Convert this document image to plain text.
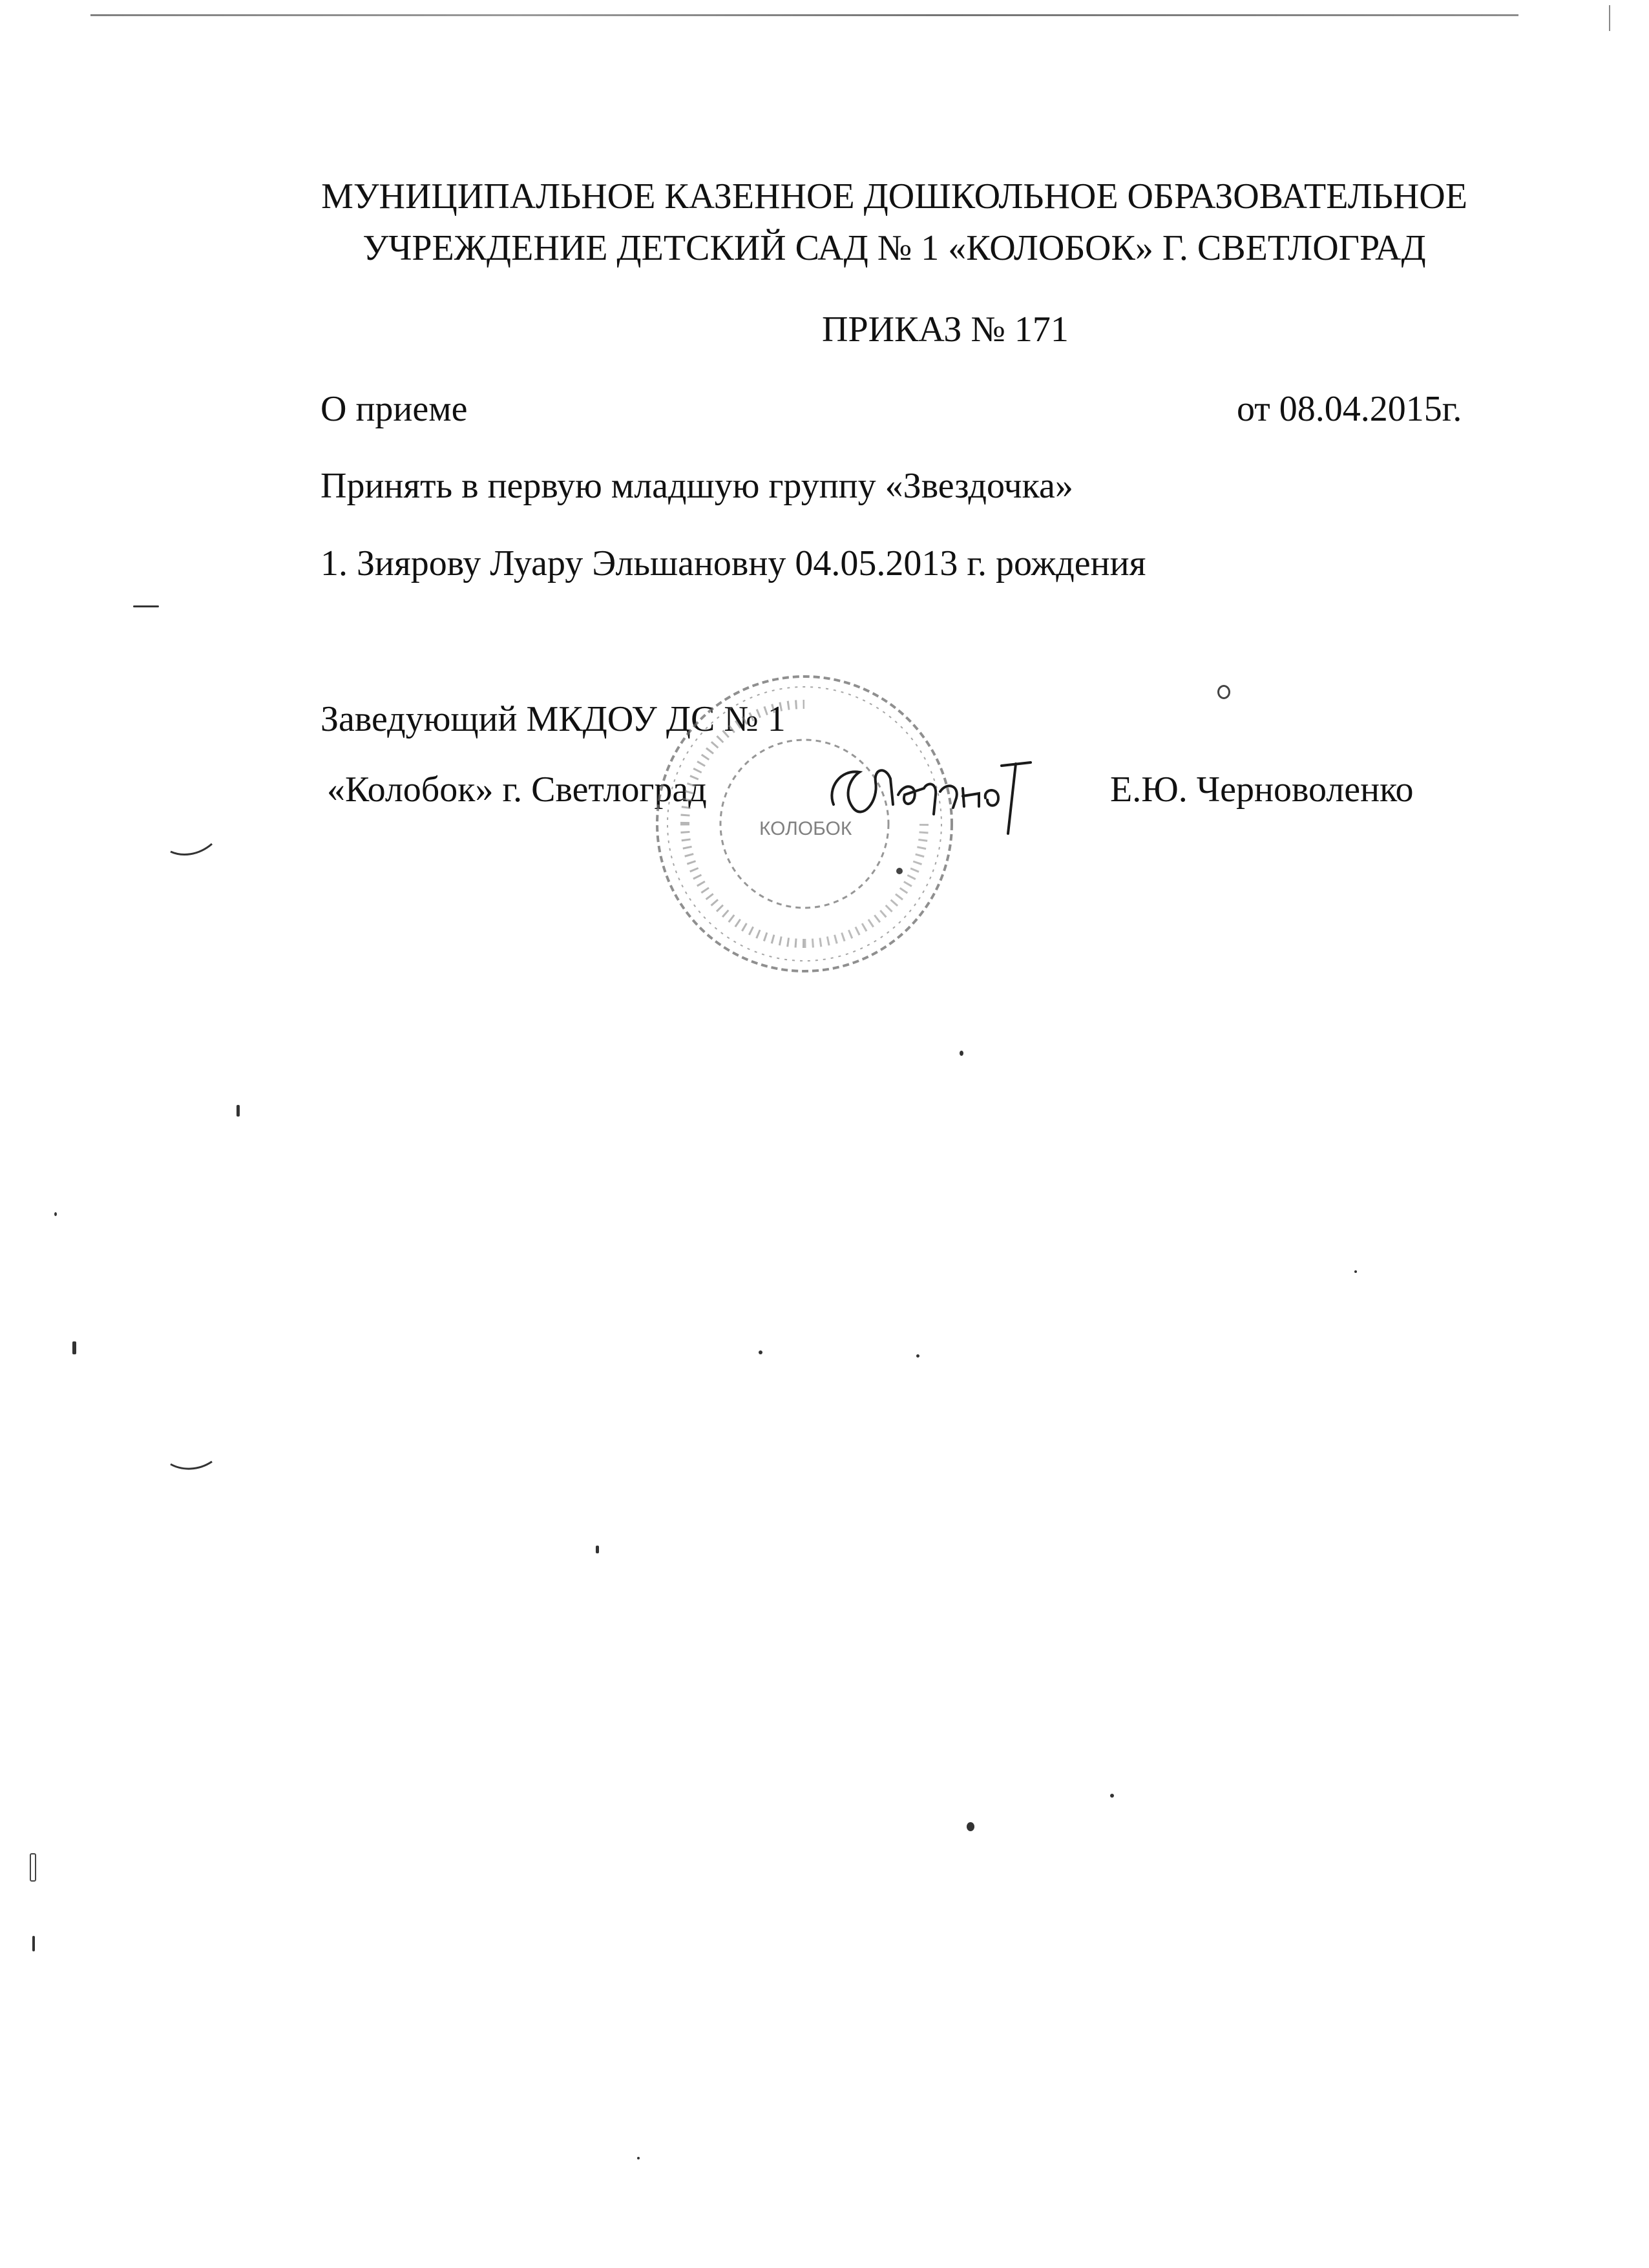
МУНИЦИПАЛЬНОЕ КАЗЕННОЕ ДОШКОЛЬНОЕ ОБРАЗОВАТЕЛЬНОЕ
УЧРЕЖДЕНИЕ ДЕТСКИЙ САД № 1 «КОЛОБОК» Г. СВЕТЛОГРАД
ПРИКАЗ № 171
О приеме	от 08.04.2015г.
Принять в первую младшую группу «Звездочка»
1. Зиярову Луару Эльшановну 04.05.2013 г. рождения
Заведующий МКДОУ ДС № 1
«Колобок» г. Светлоград	Е.Ю. Черноволенко
КОЛОБОК
